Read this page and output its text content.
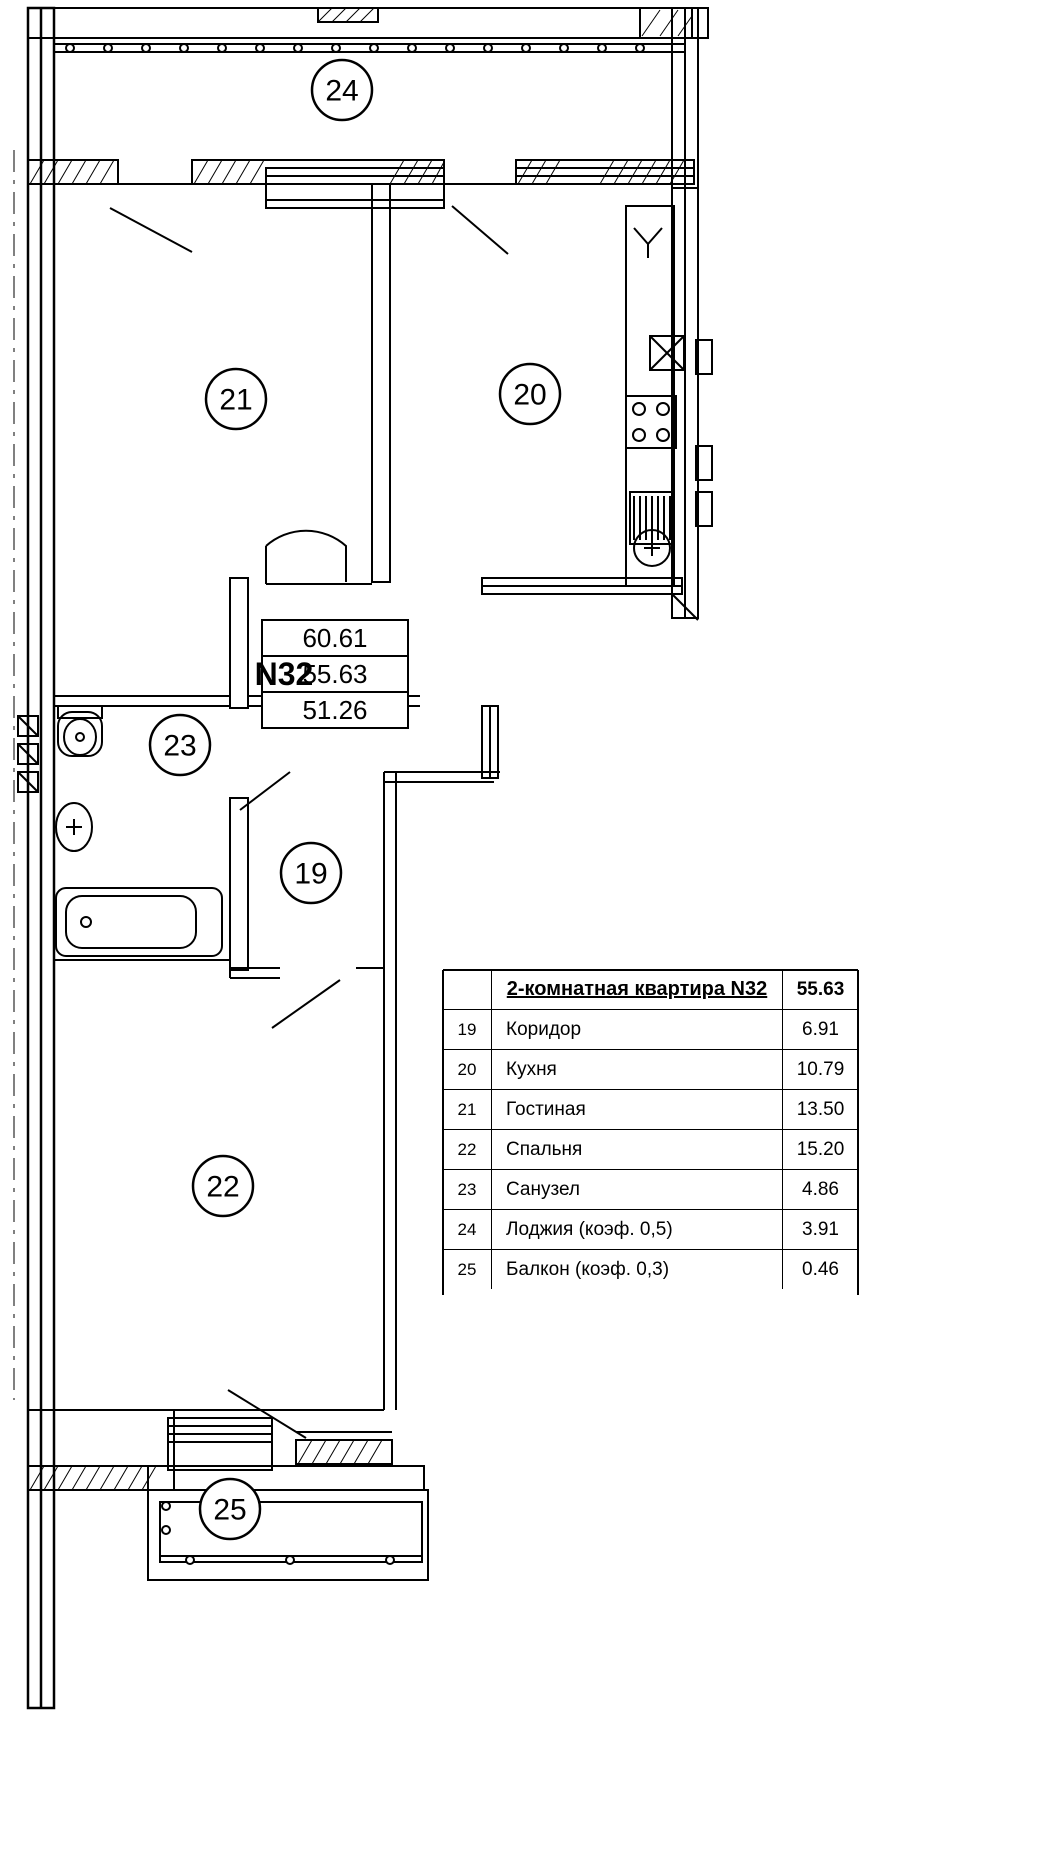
24
21	20
23
19
22
25
N32
60.61
55.63
51.26
	2-комнатная квартира N32	55.63
19	Коридор	6.91
20	Кухня	10.79
21	Гостиная	13.50
22	Спальня	15.20
23	Санузел	4.86
24	Лоджия (коэф. 0,5)	3.91
25	Балкон (коэф. 0,3)	0.46
